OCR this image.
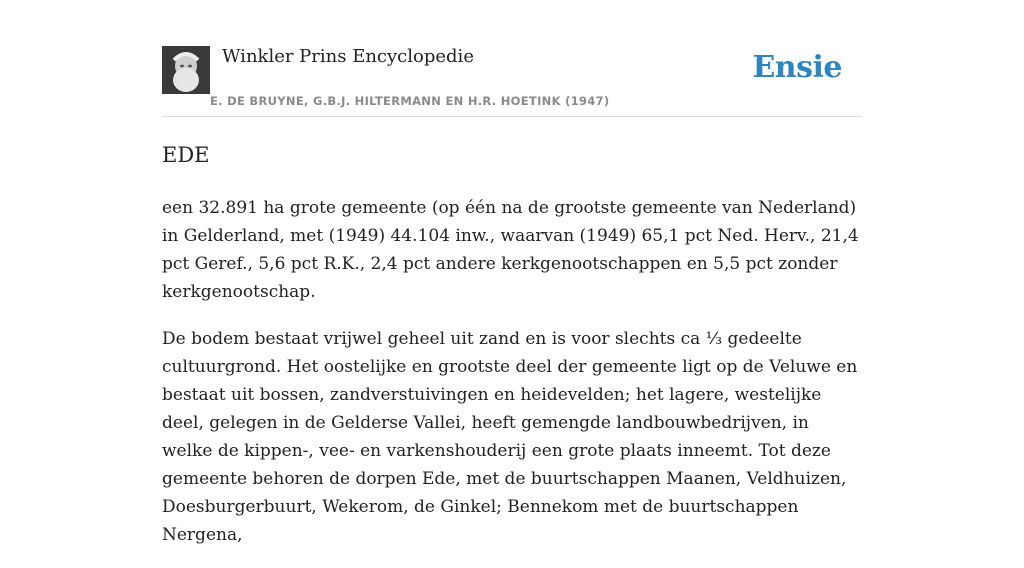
Winkler Prins Encyclopedie	Ensie
E. DE BRUYNE, G.B.J. HILTERMANN EN H.R. HOETINK (1947)
EDE

een 32.891 ha grote gemeente (op één na de grootste gemeente van Nederland) in Gelderland, met (1949) 44.104 inw., waarvan (1949) 65,1 pct Ned. Herv., 21,4 pct Geref., 5,6 pct R.K., 2,4 pct andere kerkgenootschappen en 5,5 pct zonder kerkgenootschap.

De bodem bestaat vrijwel geheel uit zand en is voor slechts ca ⅓ gedeelte cultuurgrond. Het oostelijke en grootste deel der gemeente ligt op de Veluwe en bestaat uit bossen, zandverstuivingen en heidevelden; het lagere, westelijke deel, gelegen in de Gelderse Vallei, heeft gemengde landbouwbedrijven, in welke de kippen-, vee- en varkenshouderij een grote plaats inneemt. Tot deze gemeente behoren de dorpen Ede, met de buurtschappen Maanen, Veldhuizen, Doesburgerbuurt, Wekerom, de Ginkel; Bennekom met de buurtschappen Nergena,
